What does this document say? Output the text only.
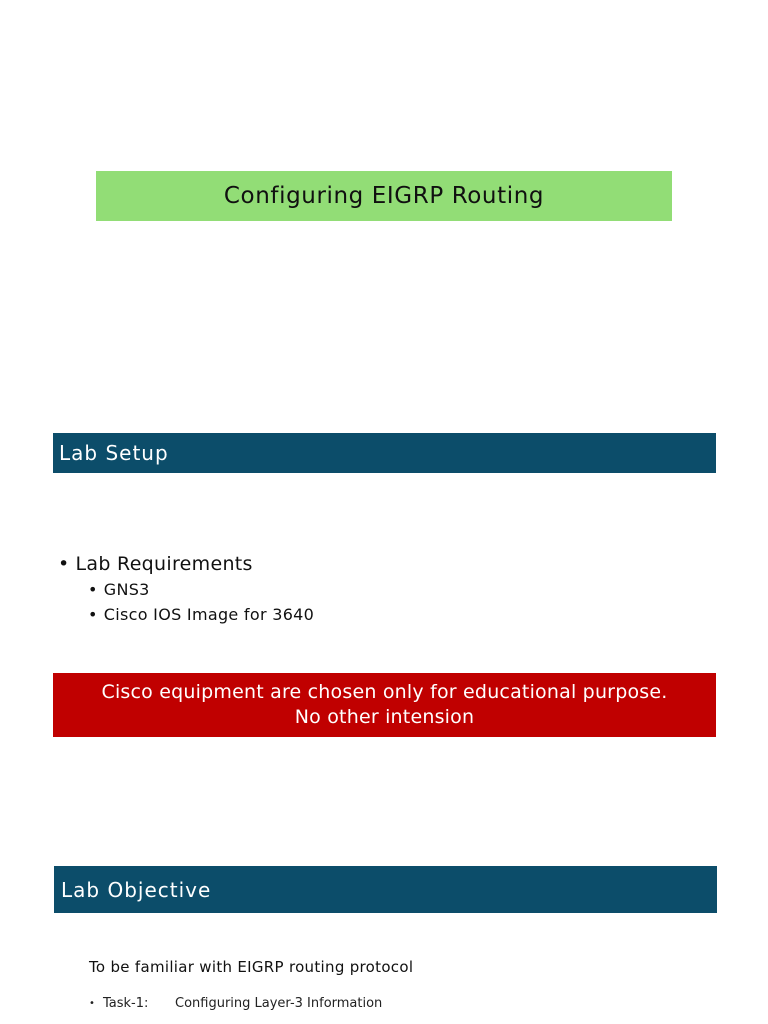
Configuring EIGRP Routing
Lab Setup
• Lab Requirements
• GNS3
• Cisco IOS Image for 3640
Cisco equipment are chosen only for educational purpose.
No other intension
Lab Objective
To be familiar with EIGRP routing protocol
• Task-1:	Configuring Layer-3 Information
